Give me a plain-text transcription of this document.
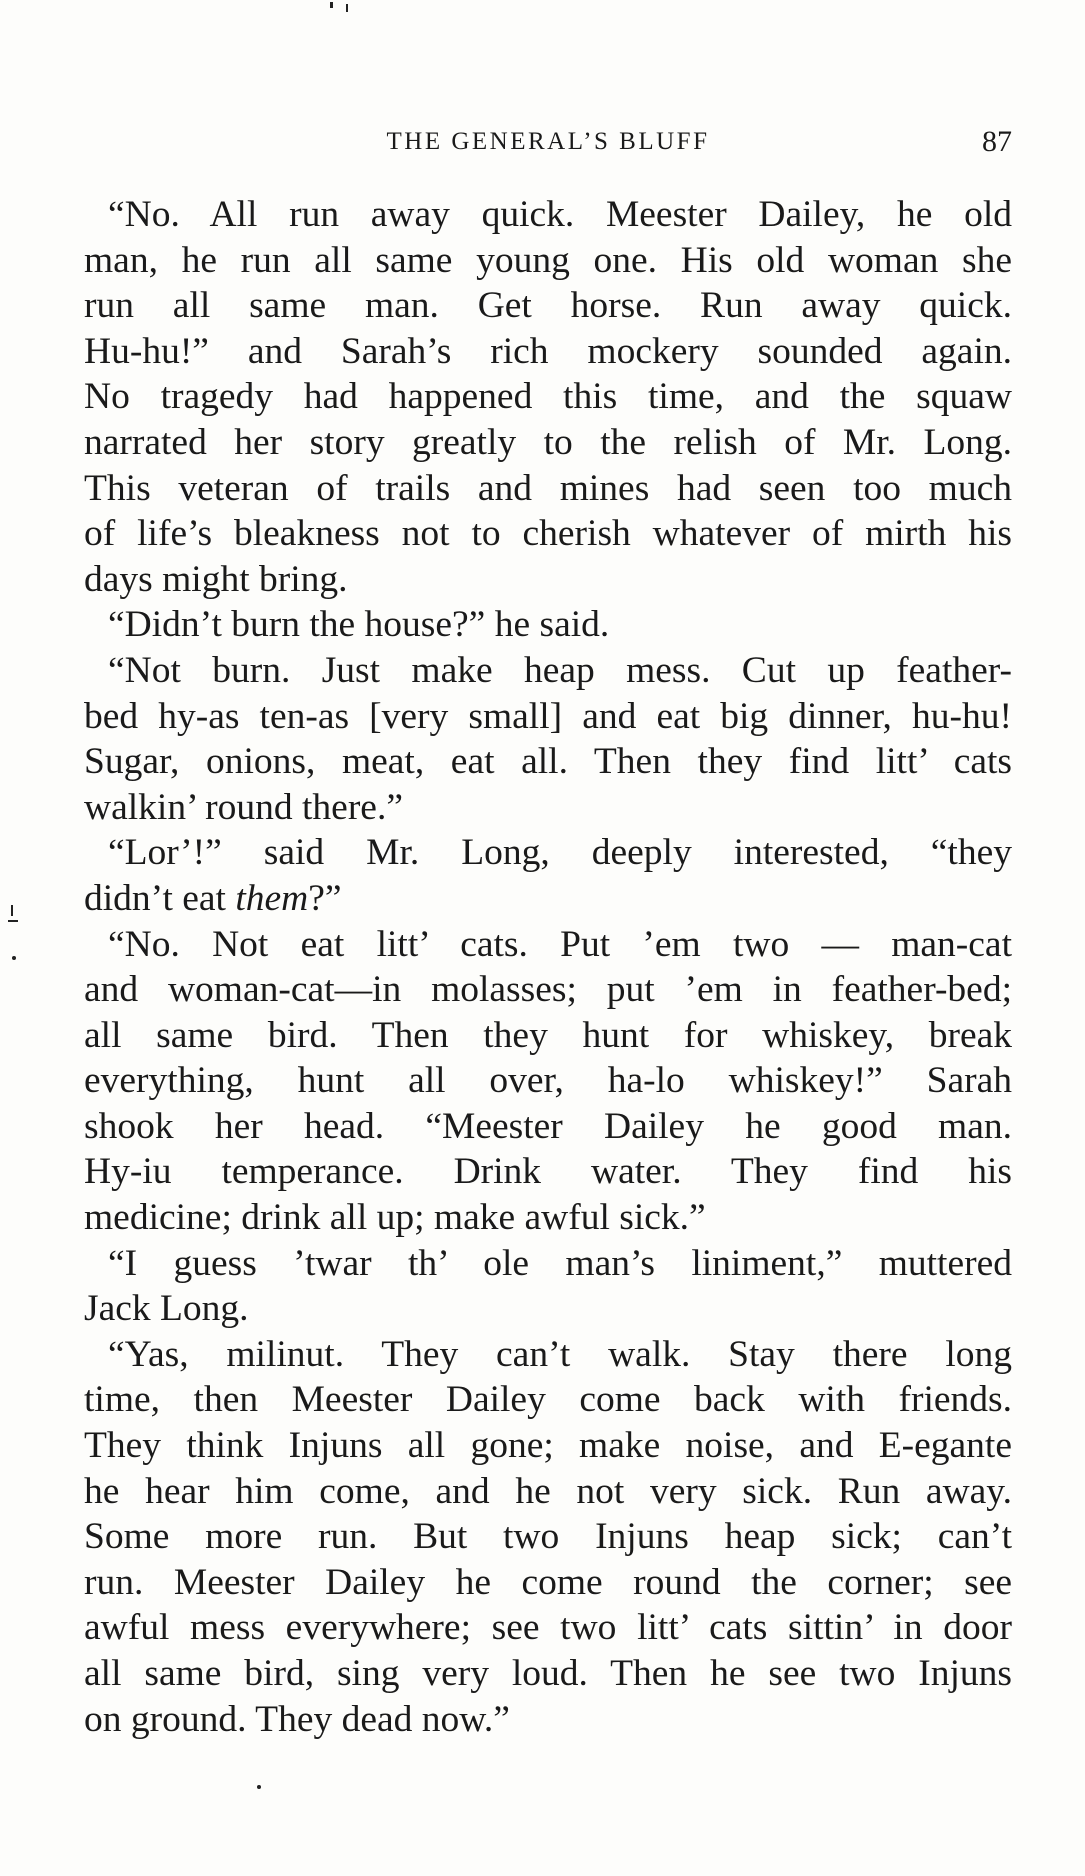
THE GENERAL’S BLUFF	87
“No. All run away quick. Meester Dailey, he old
man, he run all same young one. His old woman she
run all same man. Get horse. Run away quick.
Hu-hu!” and Sarah’s rich mockery sounded again.
No tragedy had happened this time, and the squaw
narrated her story greatly to the relish of Mr. Long.
This veteran of trails and mines had seen too much
of life’s bleakness not to cherish whatever of mirth his
days might bring.
“Didn’t burn the house?” he said.
“Not burn. Just make heap mess. Cut up feather-
bed hy-as ten-as [very small] and eat big dinner, hu-hu!
Sugar, onions, meat, eat all. Then they find litt’ cats
walkin’ round there.”
“Lor’!” said Mr. Long, deeply interested, “they
didn’t eat them?”
“No. Not eat litt’ cats. Put ’em two — man-cat
and woman-cat—in molasses; put ’em in feather-bed;
all same bird. Then they hunt for whiskey, break
everything, hunt all over, ha-lo whiskey!” Sarah
shook her head. “Meester Dailey he good man.
Hy-iu temperance. Drink water. They find his
medicine; drink all up; make awful sick.”
“I guess ’twar th’ ole man’s liniment,” muttered
Jack Long.
“Yas, milinut. They can’t walk. Stay there long
time, then Meester Dailey come back with friends.
They think Injuns all gone; make noise, and E-egante
he hear him come, and he not very sick. Run away.
Some more run. But two Injuns heap sick; can’t
run. Meester Dailey he come round the corner; see
awful mess everywhere; see two litt’ cats sittin’ in door
all same bird, sing very loud. Then he see two Injuns
on ground. They dead now.”
